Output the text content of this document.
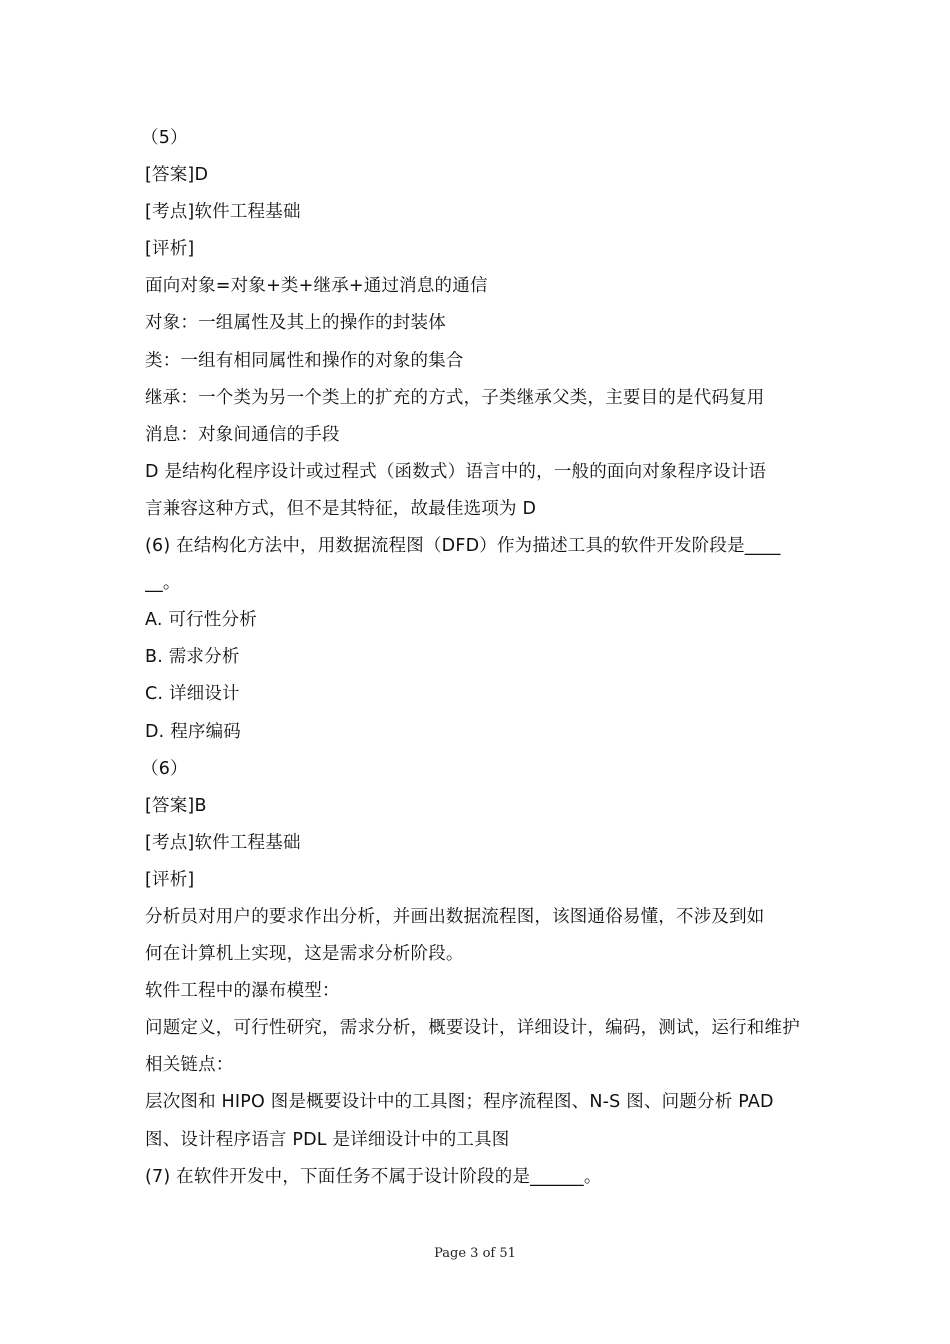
（5）
[答案]D
[考点]软件工程基础
[评析]
面向对象=对象+类+继承+通过消息的通信
对象：一组属性及其上的操作的封装体
类：一组有相同属性和操作的对象的集合
继承：一个类为另一个类上的扩充的方式，子类继承父类，主要目的是代码复用
消息：对象间通信的手段
D 是结构化程序设计或过程式（函数式）语言中的，一般的面向对象程序设计语
言兼容这种方式，但不是其特征，故最佳选项为 D
(6) 在结构化方法中，用数据流程图（DFD）作为描述工具的软件开发阶段是____
__。
A. 可行性分析
B. 需求分析
C. 详细设计
D. 程序编码
（6）
[答案]B
[考点]软件工程基础
[评析]
分析员对用户的要求作出分析，并画出数据流程图，该图通俗易懂，不涉及到如
何在计算机上实现，这是需求分析阶段。
软件工程中的瀑布模型：
问题定义，可行性研究，需求分析，概要设计，详细设计，编码，测试，运行和维护
相关链点：
层次图和 HIPO 图是概要设计中的工具图；程序流程图、N-S 图、问题分析 PAD
图、设计程序语言 PDL 是详细设计中的工具图
(7) 在软件开发中，下面任务不属于设计阶段的是______。
Page 3 of 51
